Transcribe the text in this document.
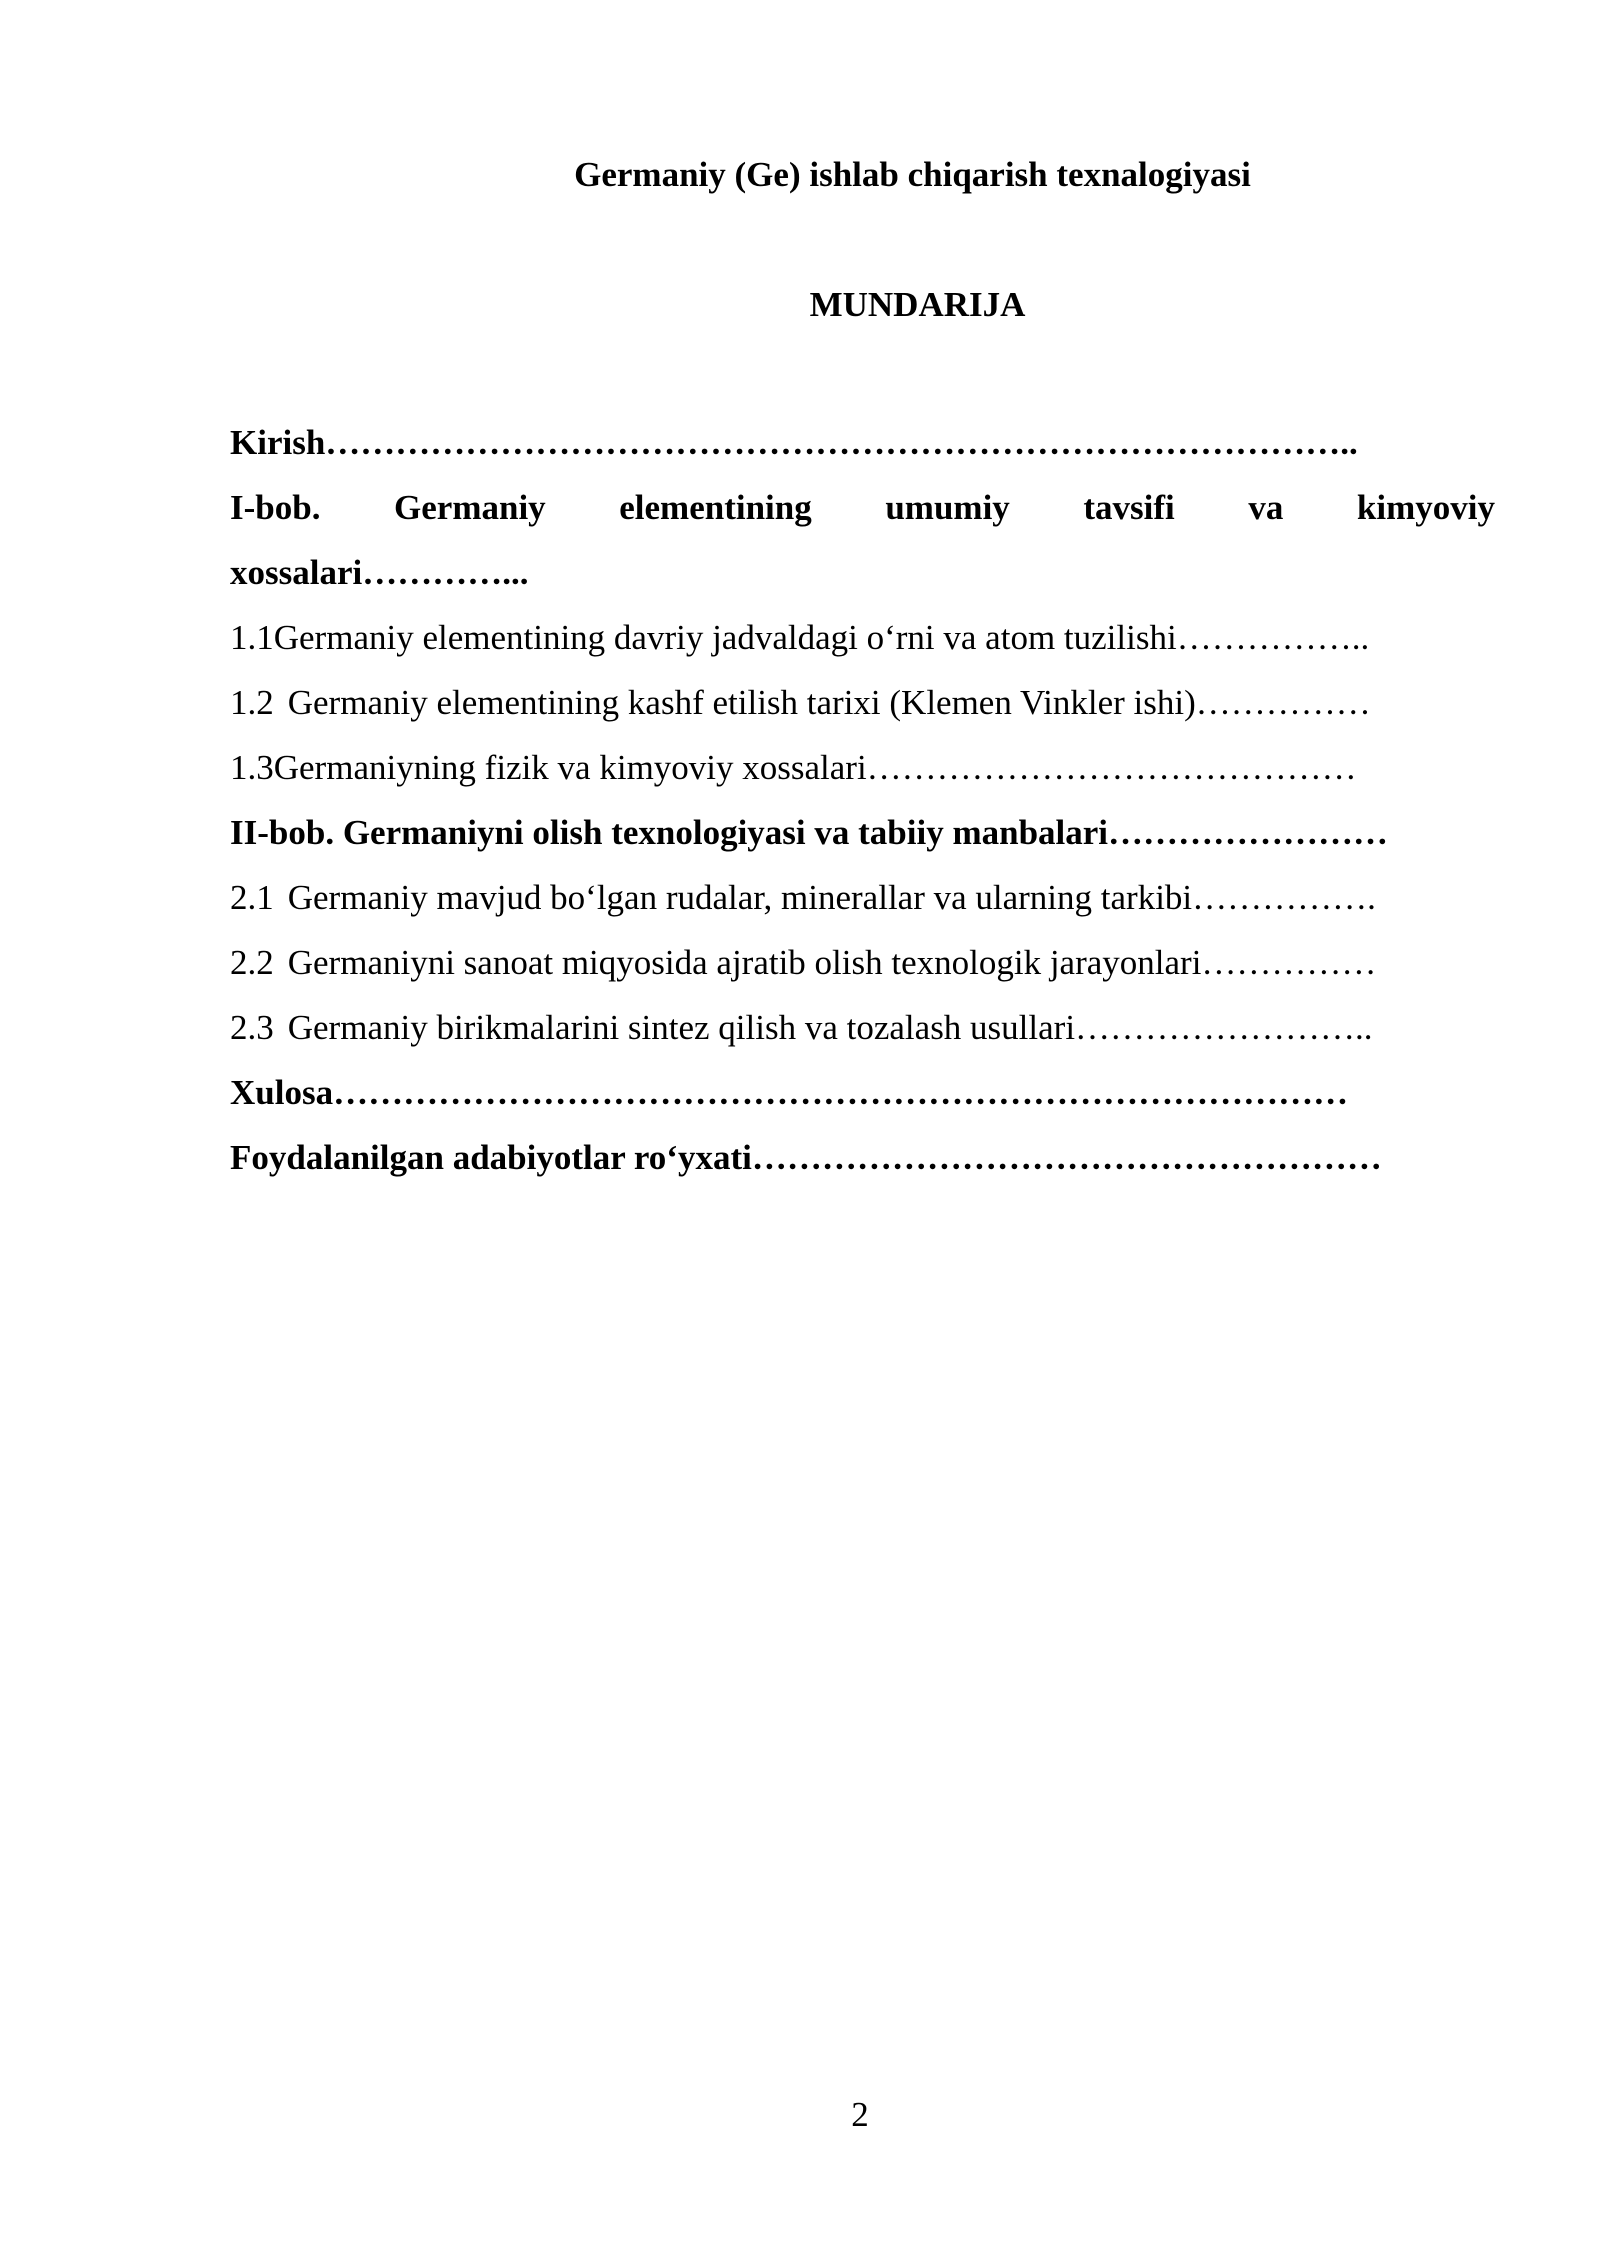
Germaniy (Ge) ishlab chiqarish texnalogiyasi
MUNDARIJA
Kirish……………………………………………………………………………..
I-bob. Germaniy elementining umumiy tavsifi va kimyoviy
xossalari…………...
1.1Germaniy elementining davriy jadvaldagi o‘rni va atom tuzilishi……………..
1.2 Germaniy elementining kashf etilish tarixi (Klemen Vinkler ishi)……………
1.3Germaniyning fizik va kimyoviy xossalari……………………………………
II-bob. Germaniyni olish texnologiyasi va tabiiy manbalari……………………
2.1 Germaniy mavjud bo‘lgan rudalar, minerallar va ularning tarkibi…………….
2.2 Germaniyni sanoat miqyosida ajratib olish texnologik jarayonlari……………
2.3 Germaniy birikmalarini sintez qilish va tozalash usullari……………………..
Xulosa……………………………………………………………………………
Foydalanilgan adabiyotlar ro‘yxati………………………………………………
2
